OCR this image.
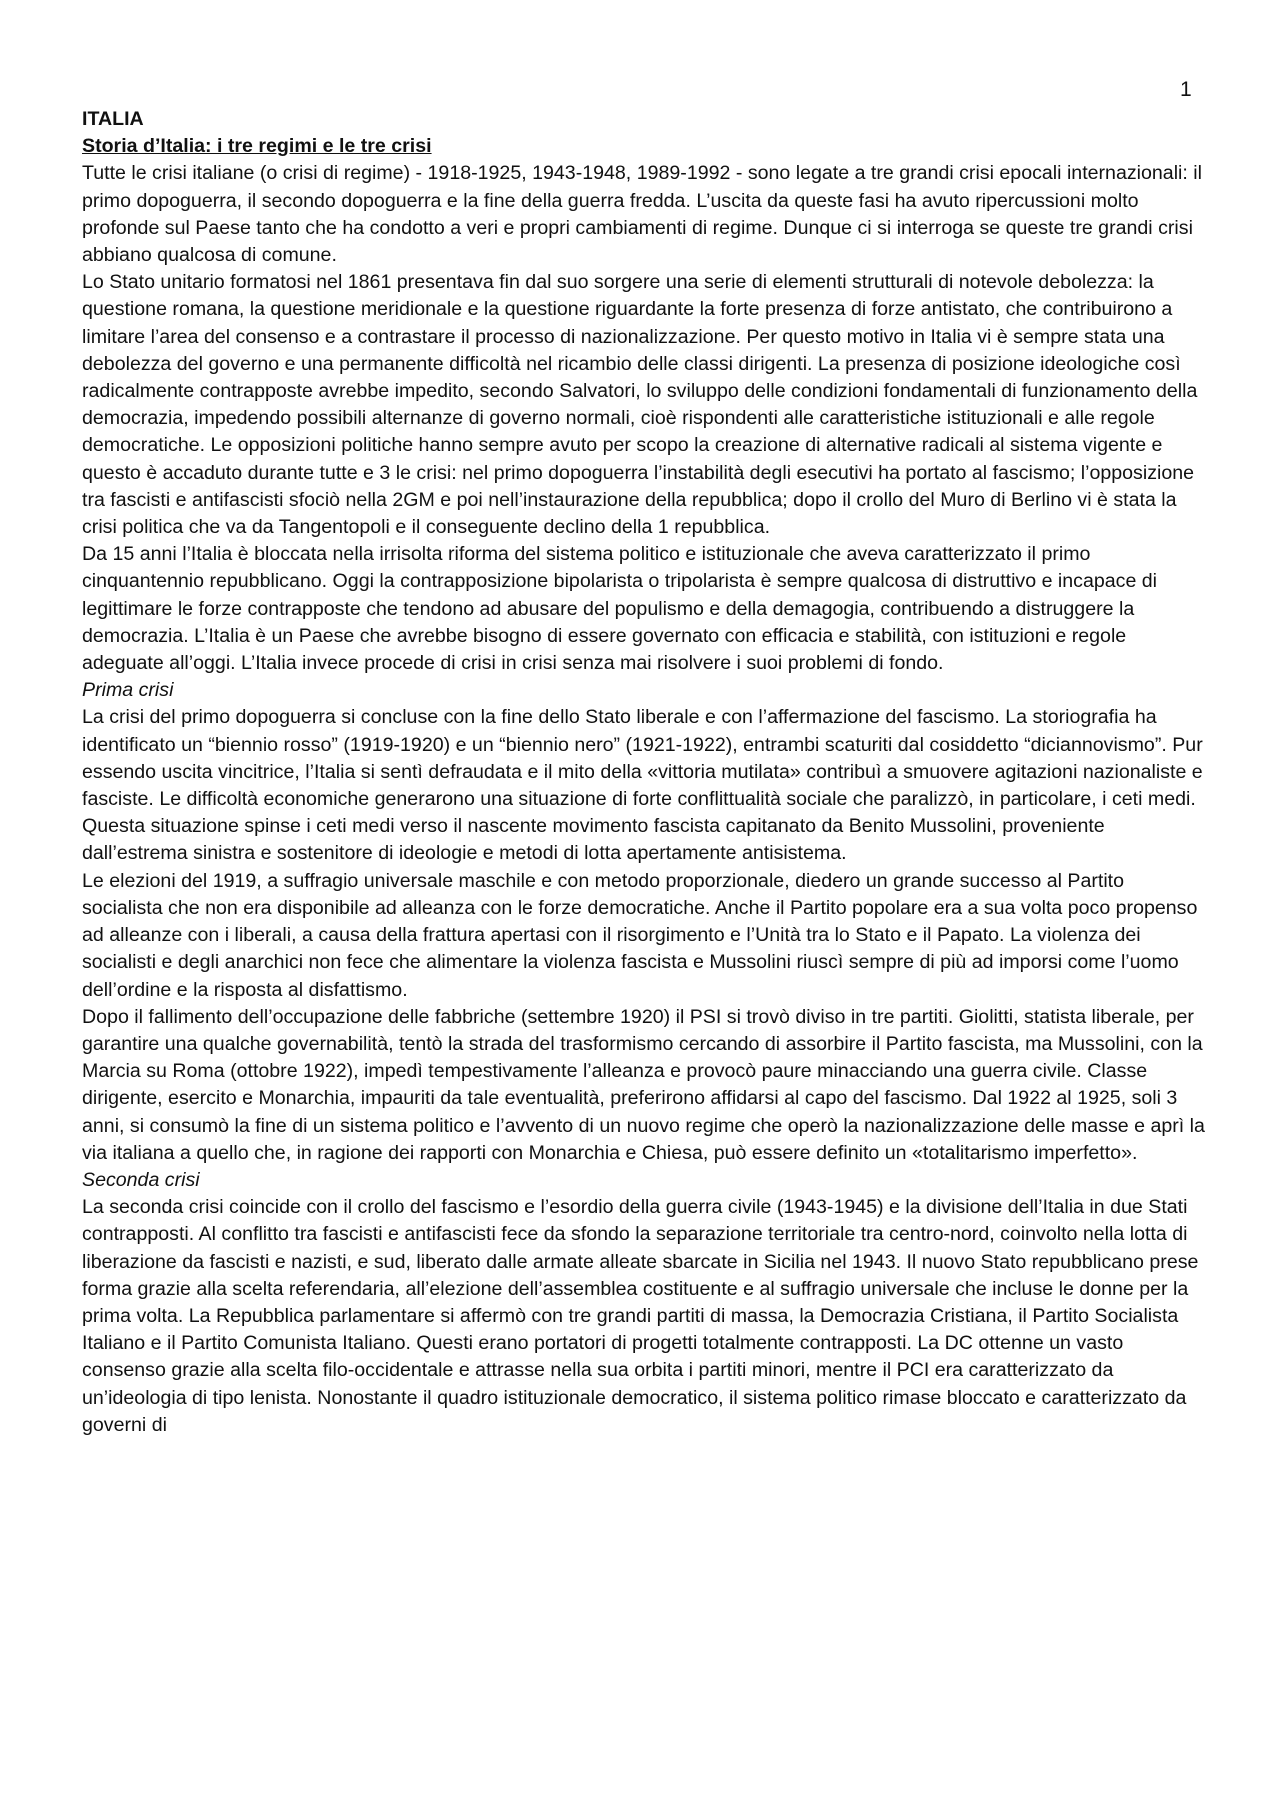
1

ITALIA

Storia d’Italia: i tre regimi e le tre crisi

Tutte le crisi italiane (o crisi di regime) - 1918-1925, 1943-1948, 1989-1992 - sono legate a tre grandi crisi epocali internazionali: il primo dopoguerra, il secondo dopoguerra e la fine della guerra fredda. L’uscita da queste fasi ha avuto ripercussioni molto profonde sul Paese tanto che ha condotto a veri e propri cambiamenti di regime. Dunque ci si interroga se queste tre grandi crisi abbiano qualcosa di comune.

Lo Stato unitario formatosi nel 1861 presentava fin dal suo sorgere una serie di elementi strutturali di notevole debolezza: la questione romana, la questione meridionale e la questione riguardante la forte presenza di forze antistato, che contribuirono a limitare l’area del consenso e a contrastare il processo di nazionalizzazione. Per questo motivo in Italia vi è sempre stata una debolezza del governo e una permanente difficoltà nel ricambio delle classi dirigenti. La presenza di posizione ideologiche così radicalmente contrapposte avrebbe impedito, secondo Salvatori, lo sviluppo delle condizioni fondamentali di funzionamento della democrazia, impedendo possibili alternanze di governo normali, cioè rispondenti alle caratteristiche istituzionali e alle regole democratiche. Le opposizioni politiche hanno sempre avuto per scopo la creazione di alternative radicali al sistema vigente e questo è accaduto durante tutte e 3 le crisi: nel primo dopoguerra l’instabilità degli esecutivi ha portato al fascismo; l’opposizione tra fascisti e antifascisti sfociò nella 2GM e poi nell’instaurazione della repubblica; dopo il crollo del Muro di Berlino vi è stata la crisi politica che va da Tangentopoli e il conseguente declino della 1 repubblica.

Da 15 anni l’Italia è bloccata nella irrisolta riforma del sistema politico e istituzionale che aveva caratterizzato il primo cinquantennio repubblicano. Oggi la contrapposizione bipolarista o tripolarista è sempre qualcosa di distruttivo e incapace di legittimare le forze contrapposte che tendono ad abusare del populismo e della demagogia, contribuendo a distruggere la democrazia. L’Italia è un Paese che avrebbe bisogno di essere governato con efficacia e stabilità, con istituzioni e regole adeguate all’oggi. L’Italia invece procede di crisi in crisi senza mai risolvere i suoi problemi di fondo.

Prima crisi

La crisi del primo dopoguerra si concluse con la fine dello Stato liberale e con l’affermazione del fascismo. La storiografia ha identificato un “biennio rosso” (1919-1920) e un “biennio nero” (1921-1922), entrambi scaturiti dal cosiddetto “diciannovismo”. Pur essendo uscita vincitrice, l’Italia si sentì defraudata e il mito della «vittoria mutilata» contribuì a smuovere agitazioni nazionaliste e fasciste. Le difficoltà economiche generarono una situazione di forte conflittualità sociale che paralizzò, in particolare, i ceti medi. Questa situazione spinse i ceti medi verso il nascente movimento fascista capitanato da Benito Mussolini, proveniente dall’estrema sinistra e sostenitore di ideologie e metodi di lotta apertamente antisistema.

Le elezioni del 1919, a suffragio universale maschile e con metodo proporzionale, diedero un grande successo al Partito socialista che non era disponibile ad alleanza con le forze democratiche. Anche il Partito popolare era a sua volta poco propenso ad alleanze con i liberali, a causa della frattura apertasi con il risorgimento e l’Unità tra lo Stato e il Papato. La violenza dei socialisti e degli anarchici non fece che alimentare la violenza fascista e Mussolini riuscì sempre di più ad imporsi come l’uomo dell’ordine e la risposta al disfattismo.

Dopo il fallimento dell’occupazione delle fabbriche (settembre 1920) il PSI si trovò diviso in tre partiti. Giolitti, statista liberale, per garantire una qualche governabilità, tentò la strada del trasformismo cercando di assorbire il Partito fascista, ma Mussolini, con la Marcia su Roma (ottobre 1922), impedì tempestivamente l’alleanza e provocò paure minacciando una guerra civile. Classe dirigente, esercito e Monarchia, impauriti da tale eventualità, preferirono affidarsi al capo del fascismo. Dal 1922 al 1925, soli 3 anni, si consumò la fine di un sistema politico e l’avvento di un nuovo regime che operò la nazionalizzazione delle masse e aprì la via italiana a quello che, in ragione dei rapporti con Monarchia e Chiesa, può essere definito un «totalitarismo imperfetto».

Seconda crisi

La seconda crisi coincide con il crollo del fascismo e l’esordio della guerra civile (1943-1945) e la divisione dell’Italia in due Stati contrapposti. Al conflitto tra fascisti e antifascisti fece da sfondo la separazione territoriale tra centro-nord, coinvolto nella lotta di liberazione da fascisti e nazisti, e sud, liberato dalle armate alleate sbarcate in Sicilia nel 1943. Il nuovo Stato repubblicano prese forma grazie alla scelta referendaria, all’elezione dell’assemblea costituente e al suffragio universale che incluse le donne per la prima volta. La Repubblica parlamentare si affermò con tre grandi partiti di massa, la Democrazia Cristiana, il Partito Socialista Italiano e il Partito Comunista Italiano. Questi erano portatori di progetti totalmente contrapposti. La DC ottenne un vasto consenso grazie alla scelta filo-occidentale e attrasse nella sua orbita i partiti minori, mentre il PCI era caratterizzato da un’ideologia di tipo lenista. Nonostante il quadro istituzionale democratico, il sistema politico rimase bloccato e caratterizzato da governi di
